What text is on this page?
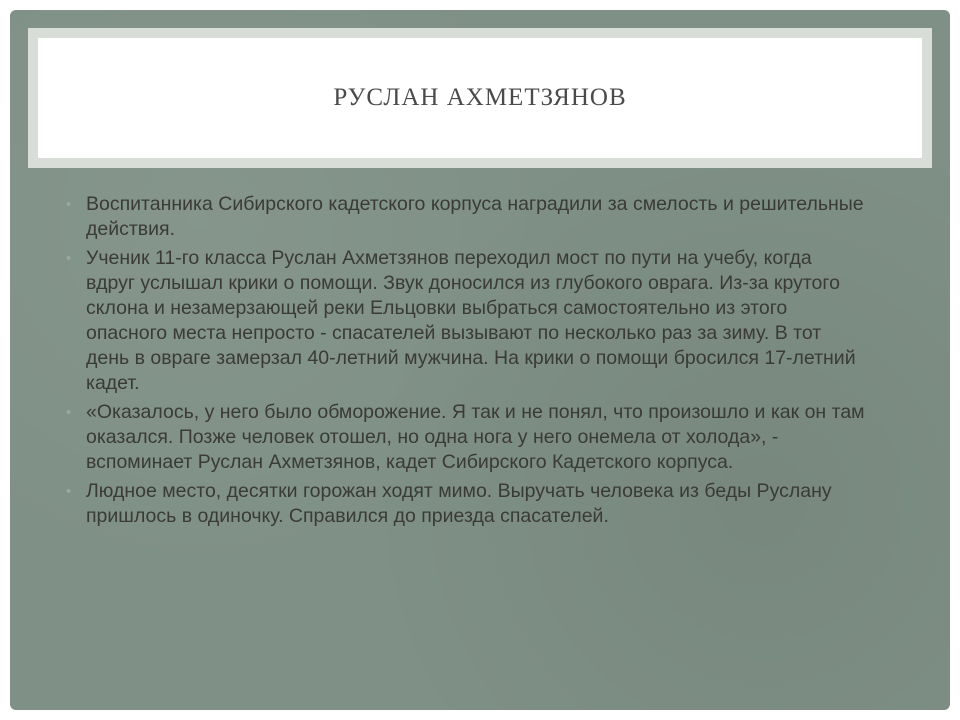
РУСЛАН АХМЕТЗЯНОВ
• Воспитанника Сибирского кадетского корпуса наградили за смелость и решительные действия.
• Ученик 11-го класса Руслан Ахметзянов переходил мост по пути на учебу, когда вдруг услышал крики о помощи. Звук доносился из глубокого оврага. Из-за крутого склона и незамерзающей реки Ельцовки выбраться самостоятельно из этого опасного места непросто - спасателей вызывают по несколько раз за зиму. В тот день в овраге замерзал 40-летний мужчина. На крики о помощи бросился 17-летний кадет.
• «Оказалось, у него было обморожение. Я так и не понял, что произошло и как он там оказался. Позже человек отошел, но одна нога у него онемела от холода», - вспоминает Руслан Ахметзянов, кадет Сибирского Кадетского корпуса.
• Людное место, десятки горожан ходят мимо. Выручать человека из беды Руслану пришлось в одиночку. Справился до приезда спасателей.
